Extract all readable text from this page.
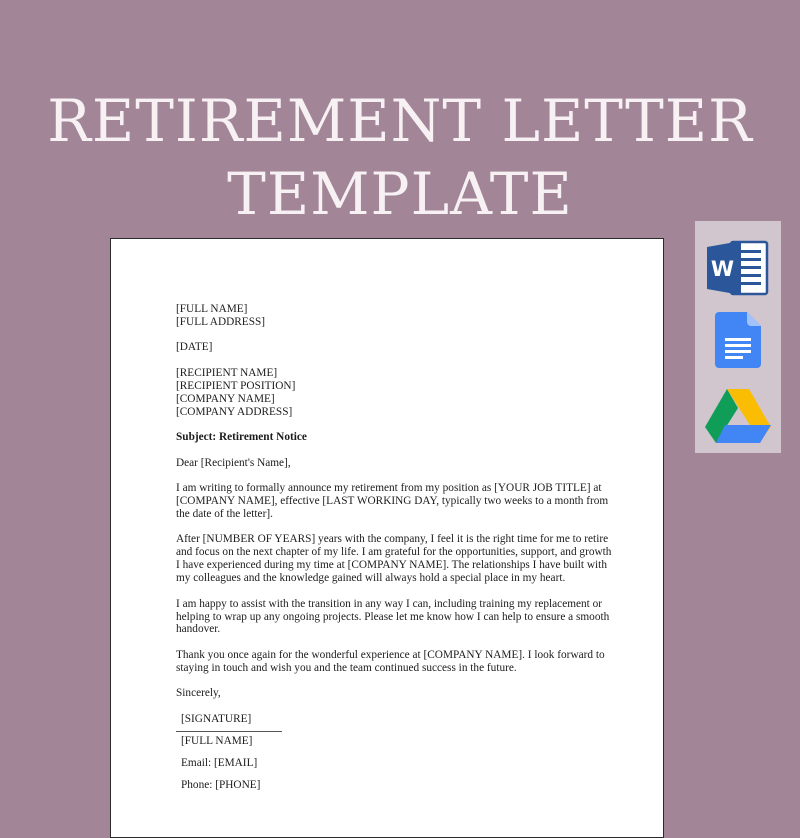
RETIREMENT LETTER
TEMPLATE
[FULL NAME]
[FULL ADDRESS]
[DATE]
[RECIPIENT NAME]
[RECIPIENT POSITION]
[COMPANY NAME]
[COMPANY ADDRESS]
Subject: Retirement Notice
Dear [Recipient's Name],

I am writing to formally announce my retirement from my position as [YOUR JOB TITLE] at
[COMPANY NAME], effective [LAST WORKING DAY, typically two weeks to a month from
the date of the letter].

After [NUMBER OF YEARS] years with the company, I feel it is the right time for me to retire
and focus on the next chapter of my life. I am grateful for the opportunities, support, and growth
I have experienced during my time at [COMPANY NAME]. The relationships I have built with
my colleagues and the knowledge gained will always hold a special place in my heart.

I am happy to assist with the transition in any way I can, including training my replacement or
helping to wrap up any ongoing projects. Please let me know how I can help to ensure a smooth
handover.

Thank you once again for the wonderful experience at [COMPANY NAME]. I look forward to
staying in touch and wish you and the team continued success in the future.

Sincerely,
[SIGNATURE]
[FULL NAME]
Email: [EMAIL]
Phone: [PHONE]
W
